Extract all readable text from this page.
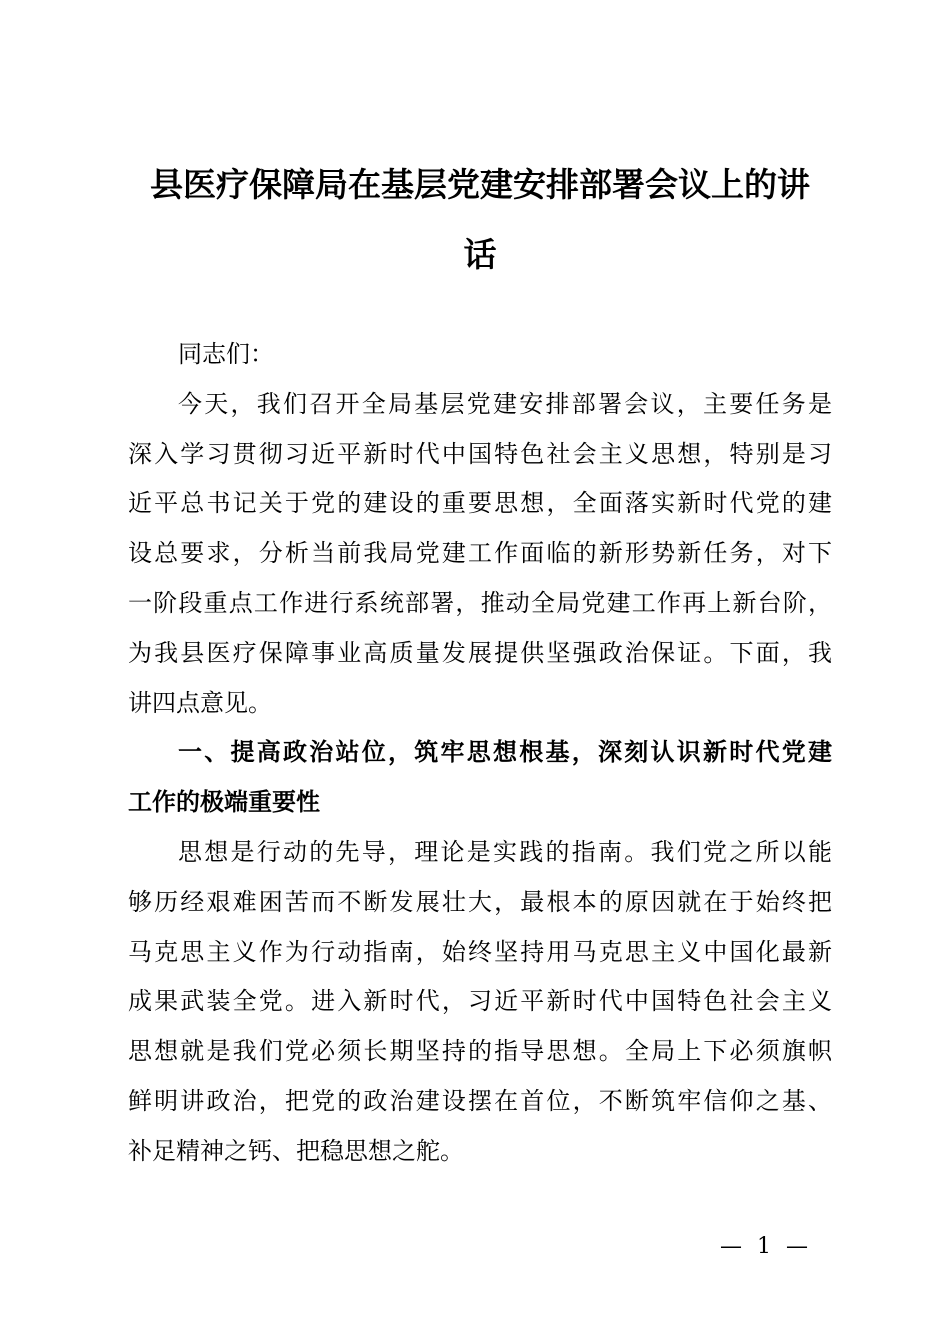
县医疗保障局在基层党建安排部署会议上的讲
话
同志们：
今天，我们召开全局基层党建安排部署会议，主要任务是
深入学习贯彻习近平新时代中国特色社会主义思想，特别是习
近平总书记关于党的建设的重要思想，全面落实新时代党的建
设总要求，分析当前我局党建工作面临的新形势新任务，对下
一阶段重点工作进行系统部署，推动全局党建工作再上新台阶，
为我县医疗保障事业高质量发展提供坚强政治保证。下面，我
讲四点意见。
一、提高政治站位，筑牢思想根基，深刻认识新时代党建
工作的极端重要性
思想是行动的先导，理论是实践的指南。我们党之所以能
够历经艰难困苦而不断发展壮大，最根本的原因就在于始终把
马克思主义作为行动指南，始终坚持用马克思主义中国化最新
成果武装全党。进入新时代，习近平新时代中国特色社会主义
思想就是我们党必须长期坚持的指导思想。全局上下必须旗帜
鲜明讲政治，把党的政治建设摆在首位，不断筑牢信仰之基、
补足精神之钙、把稳思想之舵。
— 1 —
